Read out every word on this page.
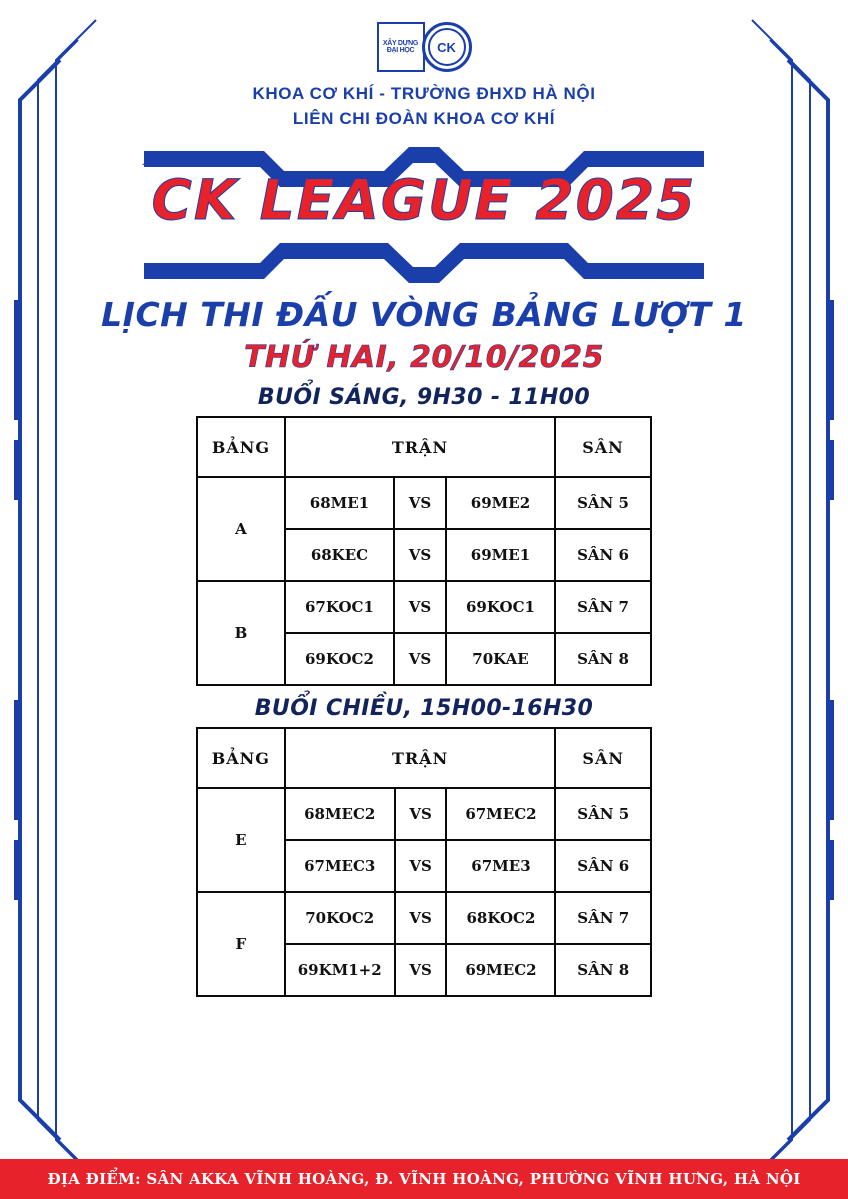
XÂY DỰNG ĐẠI HỌC	CK
KHOA CƠ KHÍ - TRƯỜNG ĐHXD HÀ NỘI
LIÊN CHI ĐOÀN KHOA CƠ KHÍ
CK LEAGUE 2025
LỊCH THI ĐẤU VÒNG BẢNG LƯỢT 1
THỨ HAI, 20/10/2025
BUỔI SÁNG, 9H30 - 11H00
BẢNG	TRẬN			SÂN
A	68ME1	VS	69ME2	SÂN 5
	68KEC	VS	69ME1	SÂN 6
B	67KOC1	VS	69KOC1	SÂN 7
	69KOC2	VS	70KAE	SÂN 8
BUỔI CHIỀU, 15H00-16H30
BẢNG	TRẬN			SÂN
E	68MEC2	VS	67MEC2	SÂN 5
	67MEC3	VS	67ME3	SÂN 6
F	70KOC2	VS	68KOC2	SÂN 7
	69KM1+2	VS	69MEC2	SÂN 8
ĐỊA ĐIỂM: SÂN AKKA VĨNH HOÀNG, Đ. VĨNH HOÀNG, PHƯỜNG VĨNH HƯNG, HÀ NỘI
